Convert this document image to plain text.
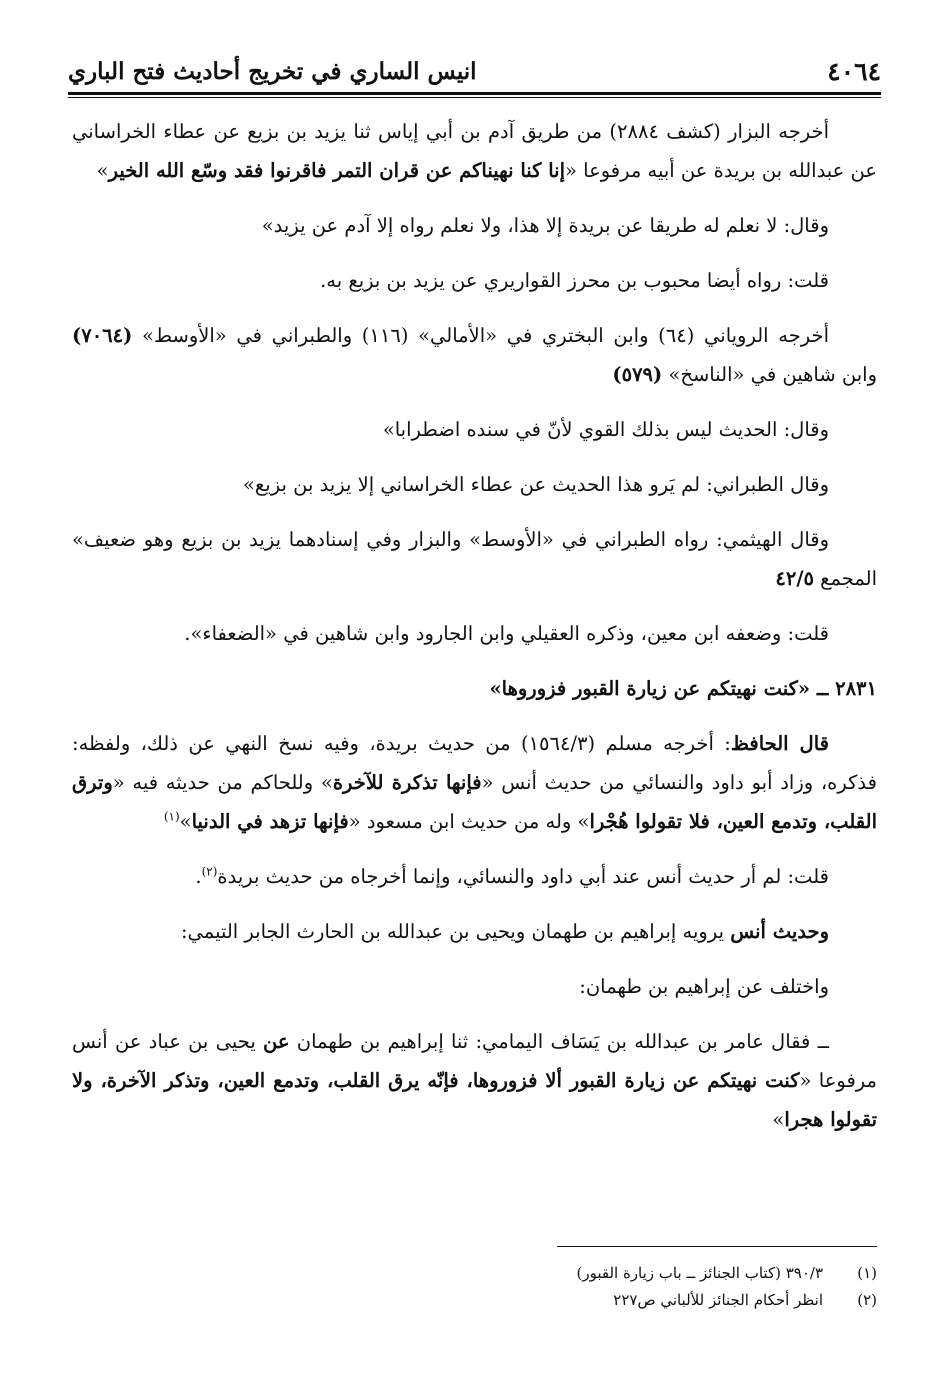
٤٠٦٤
انيس الساري في تخريج أحاديث فتح الباري

أخرجه البزار (كشف ٢٨٨٤) من طريق آدم بن أبي إياس ثنا يزيد بن بزيع عن عطاء الخراساني عن عبدالله بن بريدة عن أبيه مرفوعا «إنا كنا نهيناكم عن قران التمر فاقرنوا فقد وسّع الله الخير»

وقال: لا نعلم له طريقا عن بريدة إلا هذا، ولا نعلم رواه إلا آدم عن يزيد»

قلت: رواه أيضا محبوب بن محرز القواريري عن يزيد بن بزيع به.

أخرجه الروياني (٦٤) وابن البختري في «الأمالي» (١١٦) والطبراني في «الأوسط» (٧٠٦٤) وابن شاهين في «الناسخ» (٥٧٩)

وقال: الحديث ليس بذلك القوي لأنّ في سنده اضطرابا»

وقال الطبراني: لم يَرو هذا الحديث عن عطاء الخراساني إلا يزيد بن بزيع»

وقال الهيثمي: رواه الطبراني في «الأوسط» والبزار وفي إسنادهما يزيد بن بزيع وهو ضعيف» المجمع ٤٢/٥

قلت: وضعفه ابن معين، وذكره العقيلي وابن الجارود وابن شاهين في «الضعفاء».

٢٨٣١ ــ «كنت نهيتكم عن زيارة القبور فزوروها»

قال الحافظ: أخرجه مسلم (١٥٦٤/٣) من حديث بريدة، وفيه نسخ النهي عن ذلك، ولفظه: فذكره، وزاد أبو داود والنسائي من حديث أنس «فإنها تذكرة للآخرة» وللحاكم من حديثه فيه «وترق القلب، وتدمع العين، فلا تقولوا هُجْرا» وله من حديث ابن مسعود «فإنها تزهد في الدنيا»$^{(١)}$

قلت: لم أر حديث أنس عند أبي داود والنسائي، وإنما أخرجاه من حديث بريدة$^{(٢)}$.

وحديث أنس يرويه إبراهيم بن طهمان ويحيى بن عبدالله بن الحارث الجابر التيمي:

واختلف عن إبراهيم بن طهمان:

ــ فقال عامر بن عبدالله بن يَسَاف اليمامي: ثنا إبراهيم بن طهمان عن يحيى بن عباد عن أنس مرفوعا «كنت نهيتكم عن زيارة القبور ألا فزوروها، فإنّه يرق القلب، وتدمع العين، وتذكر الآخرة، ولا تقولوا هجرا»

(١)
٣٩٠/٣ (كتاب الجنائز ــ باب زيارة القبور)
(٢)
انظر أحكام الجنائز للألباني ص٢٢٧
